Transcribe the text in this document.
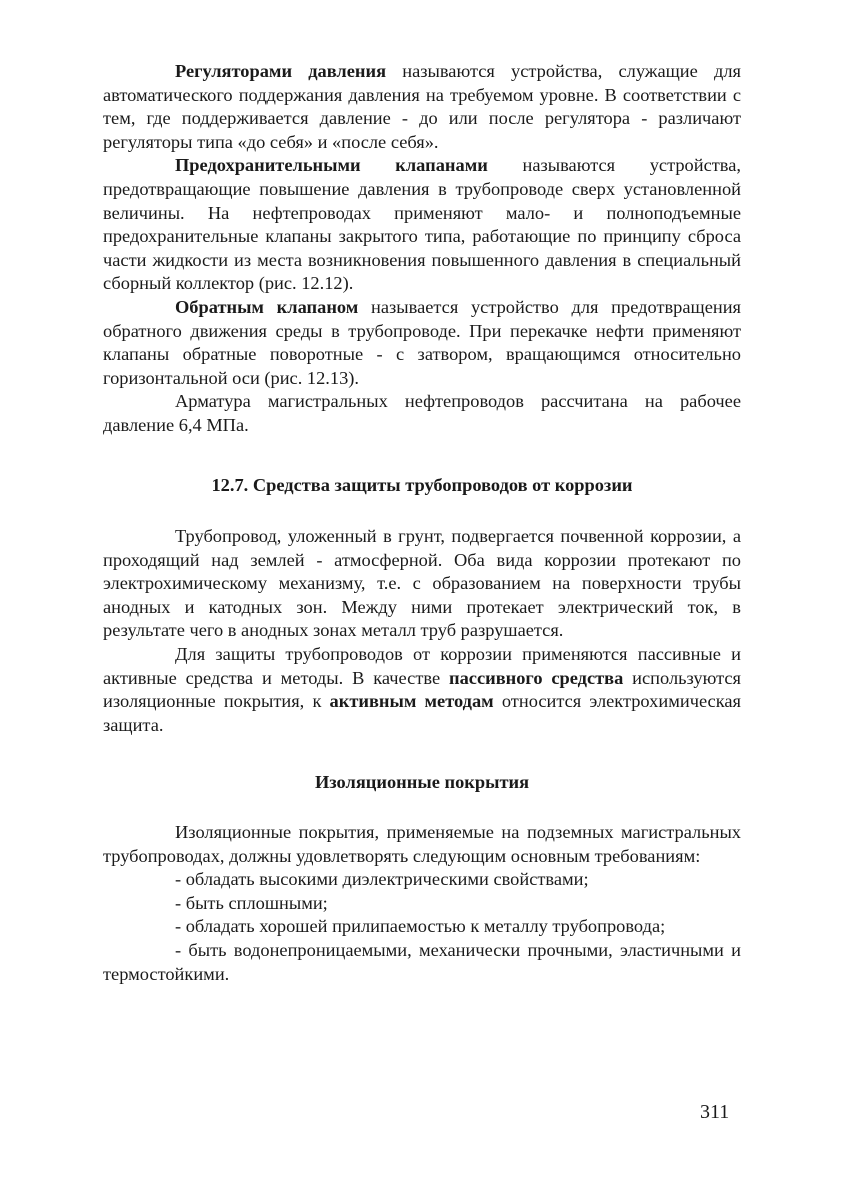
Регуляторами давления называются устройства, служащие для автоматического поддержания давления на требуемом уровне. В соответствии с тем, где поддерживается давление - до или после регулятора - различают регуляторы типа «до себя» и «после себя».

Предохранительными клапанами называются устройства, предотвращающие повышение давления в трубопроводе сверх установленной величины. На нефтепроводах применяют мало- и полноподъемные предохранительные клапаны закрытого типа, работающие по принципу сброса части жидкости из места возникновения повышенного давления в специальный сборный коллектор (рис. 12.12).

Обратным клапаном называется устройство для предотвращения обратного движения среды в трубопроводе. При перекачке нефти применяют клапаны обратные поворотные - с затвором, вращающимся относительно горизонтальной оси (рис. 12.13).

Арматура магистральных нефтепроводов рассчитана на рабочее давление 6,4 МПа.

12.7. Средства защиты трубопроводов от коррозии

Трубопровод, уложенный в грунт, подвергается почвенной коррозии, а проходящий над землей - атмосферной. Оба вида коррозии протекают по электрохимическому механизму, т.е. с образованием на поверхности трубы анодных и катодных зон. Между ними протекает электрический ток, в результате чего в анодных зонах металл труб разрушается.

Для защиты трубопроводов от коррозии применяются пассивные и активные средства и методы. В качестве пассивного средства используются изоляционные покрытия, к активным методам относится электрохимическая защита.

Изоляционные покрытия

Изоляционные покрытия, применяемые на подземных магистральных трубопроводах, должны удовлетворять следующим основным требованиям:

- обладать высокими диэлектрическими свойствами;

- быть сплошными;

- обладать хорошей прилипаемостью к металлу трубопровода;

- быть водонепроницаемыми, механически прочными, эластичными и термостойкими.

311
